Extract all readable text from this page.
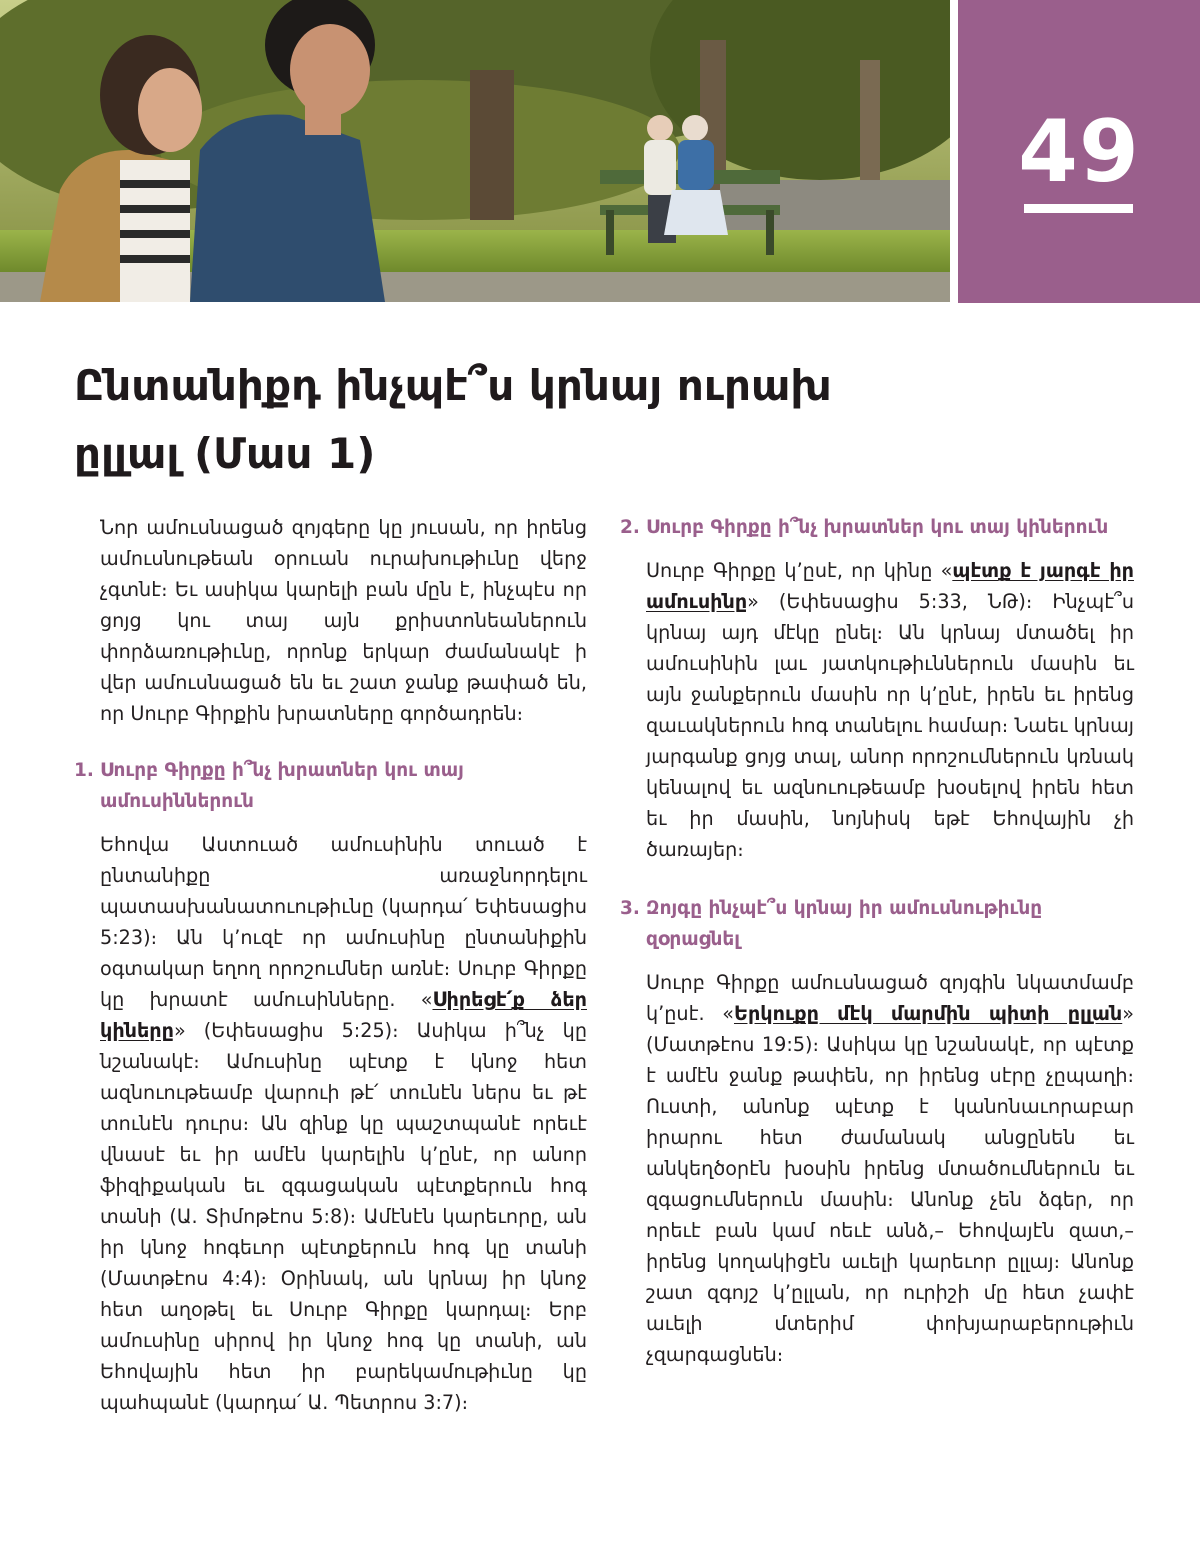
49
Ընտանիքդ ինչպէ՞ս կրնայ ուրախ ըլլալ (Մաս 1)

Նոր ամուսնացած զոյգերը կը յուսան, որ իրենց ամուսնութեան օրուան ուրախութիւնը վերջ չգտնէ։ Եւ ասիկա կարելի բան մըն է, ինչպէս որ ցոյց կու տայ այն քրիստոնեաներուն փորձառութիւնը, որոնք երկար ժամանակէ ի վեր ամուսնացած են եւ շատ ջանք թափած են, որ Սուրբ Գիրքին խրատները գործադրեն։

1. Սուրբ Գիրքը ի՞նչ խրատներ կու տայ ամուսիններուն

Եհովա Աստուած ամուսինին տուած է ընտանիքը առաջնորդելու պատասխանատուութիւնը (կարդա՛ Եփեսացիս 5:23)։ Ան կ՚ուզէ որ ամուսինը ընտանիքին օգտակար եղող որոշումներ առնէ։ Սուրբ Գիրքը կը խրատէ ամուսինները. «Սիրեցէ՛ք ձեր կիները» (Եփեսացիս 5:25)։ Ասիկա ի՞նչ կը նշանակէ։ Ամուսինը պէտք է կնոջ հետ ազնուութեամբ վարուի թէ՛ տունէն ներս եւ թէ տունէն դուրս։ Ան զինք կը պաշտպանէ որեւէ վնասէ եւ իր ամէն կարելին կ՚ընէ, որ անոր ֆիզիքական եւ զգացական պէտքերուն հոգ տանի (Ա. Տիմոթէոս 5:8)։ Ամէնէն կարեւորը, ան իր կնոջ հոգեւոր պէտքերուն հոգ կը տանի (Մատթէոս 4:4)։ Օրինակ, ան կրնայ իր կնոջ հետ աղօթել եւ Սուրբ Գիրքը կարդալ։ Երբ ամուսինը սիրով իր կնոջ հոգ կը տանի, ան Եհովային հետ իր բարեկամութիւնը կը պահպանէ (կարդա՛ Ա. Պետրոս 3:7)։

2. Սուրբ Գիրքը ի՞նչ խրատներ կու տայ կիներուն

Սուրբ Գիրքը կ՚ըսէ, որ կինը «պէտք է յարգէ իր ամուսինը» (Եփեսացիս 5:33, ՆԹ)։ Ինչպէ՞ս կրնայ այդ մէկը ընել։ Ան կրնայ մտածել իր ամուսինին լաւ յատկութիւններուն մասին եւ այն ջանքերուն մասին որ կ՚ընէ, իրեն եւ իրենց զաւակներուն հոգ տանելու համար։ Նաեւ կրնայ յարգանք ցոյց տալ, անոր որոշումներուն կռնակ կենալով եւ ազնուութեամբ խօսելով իրեն հետ եւ իր մասին, նոյնիսկ եթէ Եհովային չի ծառայեր։

3. Զոյգը ինչպէ՞ս կրնայ իր ամուսնութիւնը զօրացնել

Սուրբ Գիրքը ամուսնացած զոյգին նկատմամբ կ՚ըսէ. «Երկուքը մէկ մարմին պիտի ըլլան» (Մատթէոս 19:5)։ Ասիկա կը նշանակէ, որ պէտք է ամէն ջանք թափեն, որ իրենց սէրը չըպաղի։ Ուստի, անոնք պէտք է կանոնաւորաբար իրարու հետ ժամանակ անցընեն եւ անկեղծօրէն խօսին իրենց մտածումներուն եւ զգացումներուն մասին։ Անոնք չեն ձգեր, որ որեւէ բան կամ ոեւէ անձ,– Եհովայէն զատ,– իրենց կողակիցէն աւելի կարեւոր ըլլայ։ Անոնք շատ զգոյշ կ՚ըլլան, որ ուրիշի մը հետ չափէ աւելի մտերիմ փոխյարաբերութիւն չզարգացնեն։
